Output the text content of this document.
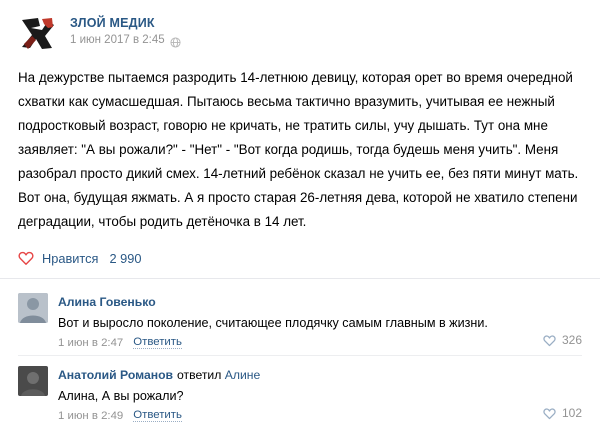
ЗЛОЙ МЕДИК
1 июн 2017 в 2:45

На дежурстве пытаемся разродить 14-летнюю девицу, которая орет во время очередной схватки как сумасшедшая. Пытаюсь весьма тактично вразумить, учитывая ее нежный подростковый возраст, говорю не кричать, не тратить силы, учу дышать. Тут она мне заявляет: "А вы рожали?" - "Нет" - "Вот когда родишь, тогда будешь меня учить". Меня разобрал просто дикий смех. 14-летний ребёнок сказал не учить ее, без пяти минут мать. Вот она, будущая яжмать. А я просто старая 26-летняя дева, которой не хватило степени деградации, чтобы родить детёночка в 14 лет.

Нравится 2 990
Алина Говенько
Вот и выросло поколение, считающее плодячку самым главным в жизни.
1 июн в 2:47 Ответить	326
Анатолий Романов ответил Алине
Алина, А вы рожали?
1 июн в 2:49 Ответить	102
